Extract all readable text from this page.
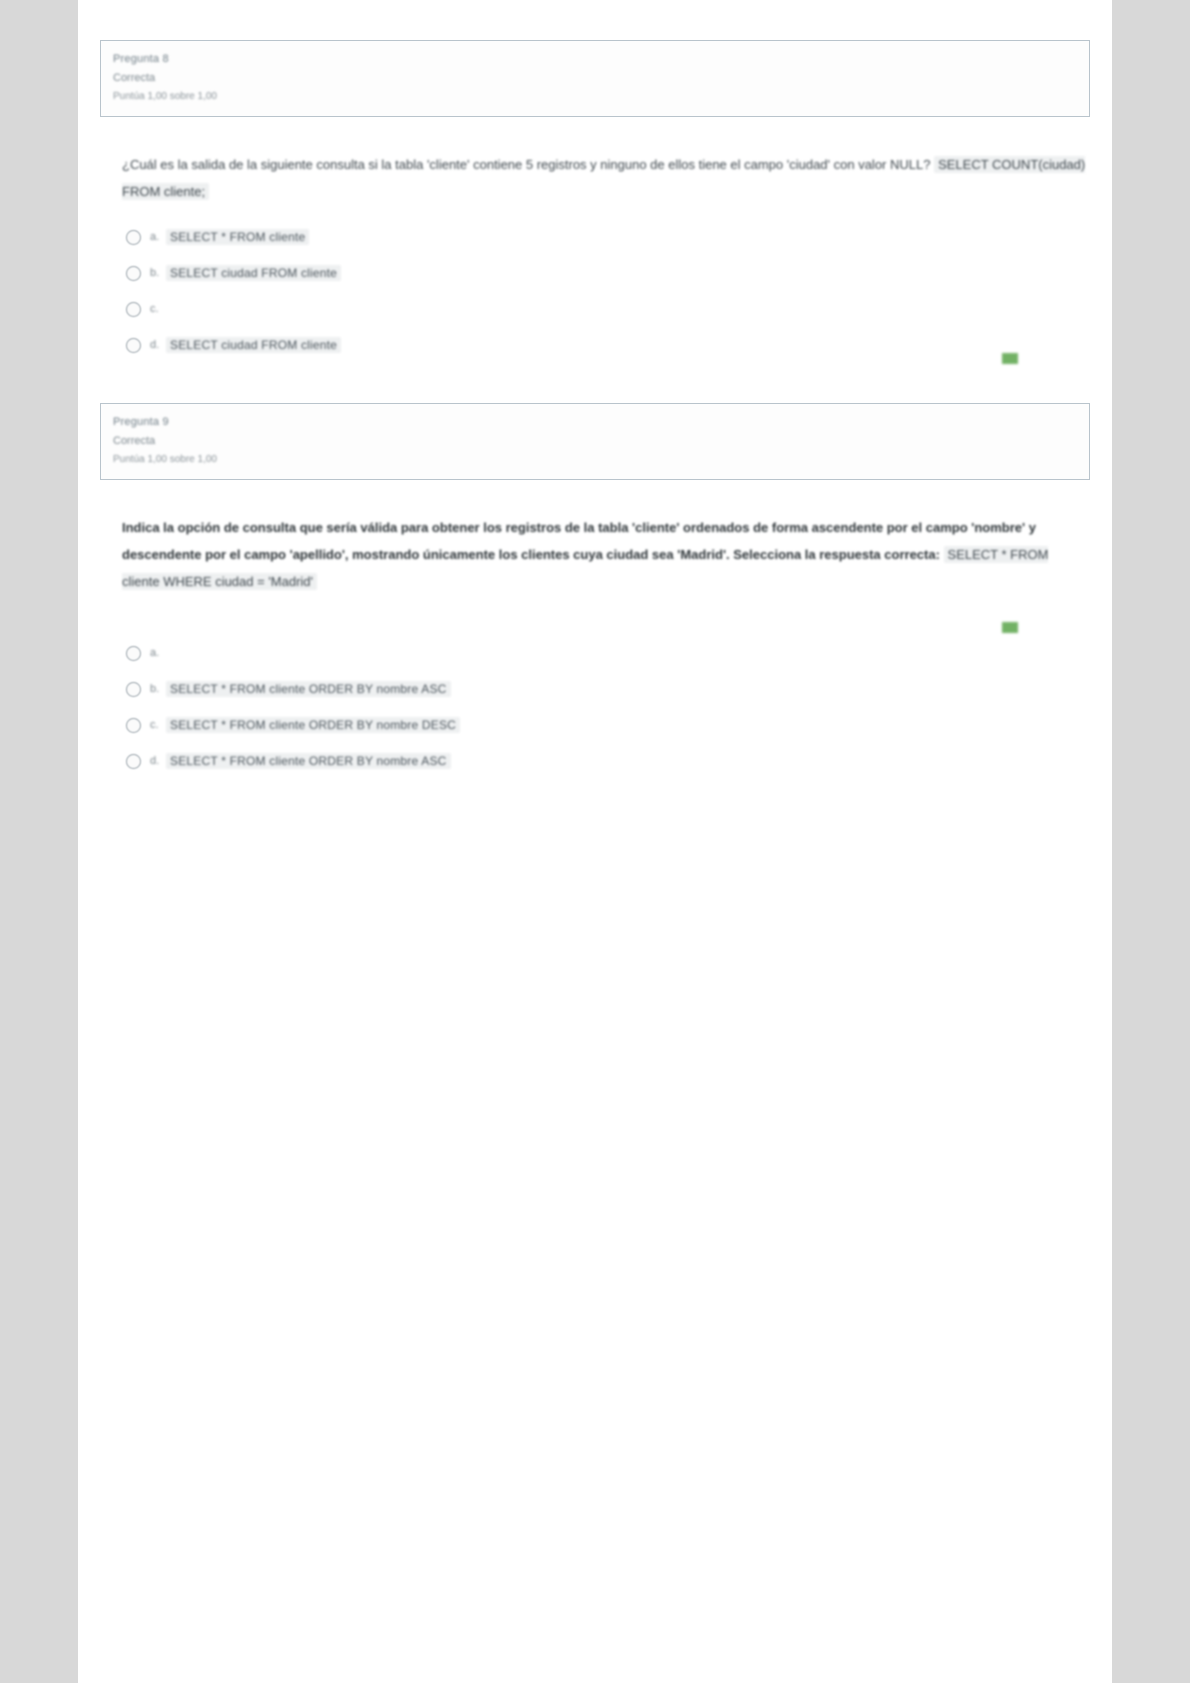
Pregunta 8
Correcta
Puntúa 1,00 sobre 1,00
¿Cuál es la salida de la siguiente consulta si la tabla 'cliente' contiene 5 registros y ninguno de ellos tiene el campo 'ciudad' con valor NULL? SELECT COUNT(ciudad) FROM cliente;
a. SELECT * FROM cliente
b. SELECT ciudad FROM cliente
c.
d. SELECT ciudad FROM cliente
Pregunta 9
Correcta
Puntúa 1,00 sobre 1,00
Indica la opción de consulta que sería válida para obtener los registros de la tabla 'cliente' ordenados de forma ascendente por el campo 'nombre' y descendente por el campo 'apellido', mostrando únicamente los clientes cuya ciudad sea 'Madrid'. Selecciona la respuesta correcta: SELECT * FROM cliente WHERE ciudad = 'Madrid'
a.
b. SELECT * FROM cliente ORDER BY nombre ASC
c. SELECT * FROM cliente ORDER BY nombre DESC
d. SELECT * FROM cliente ORDER BY nombre ASC
